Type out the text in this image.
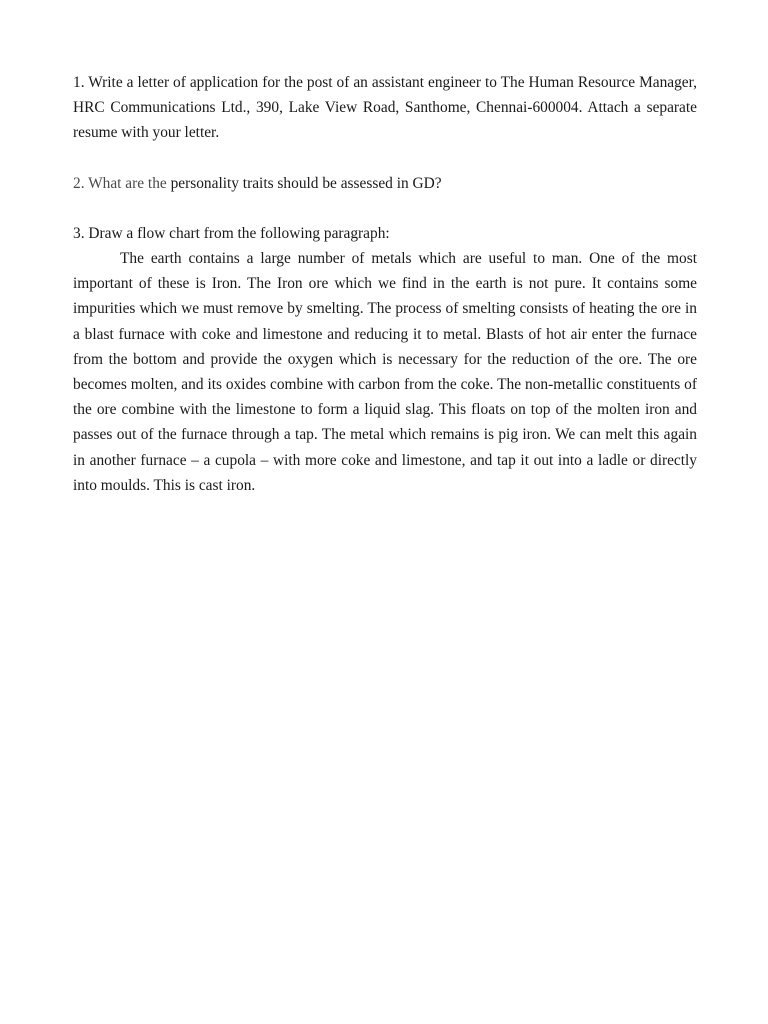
1. Write a letter of application for the post of an assistant engineer to The Human Resource Manager, HRC Communications Ltd., 390, Lake View Road, Santhome, Chennai-600004. Attach a separate resume with your letter.

2. What are the personality traits should be assessed in GD?

3. Draw a flow chart from the following paragraph:

The earth contains a large number of metals which are useful to man. One of the most important of these is Iron. The Iron ore which we find in the earth is not pure. It contains some impurities which we must remove by smelting. The process of smelting consists of heating the ore in a blast furnace with coke and limestone and reducing it to metal. Blasts of hot air enter the furnace from the bottom and provide the oxygen which is necessary for the reduction of the ore. The ore becomes molten, and its oxides combine with carbon from the coke. The non-metallic constituents of the ore combine with the limestone to form a liquid slag. This floats on top of the molten iron and passes out of the furnace through a tap. The metal which remains is pig iron. We can melt this again in another furnace – a cupola – with more coke and limestone, and tap it out into a ladle or directly into moulds. This is cast iron.
